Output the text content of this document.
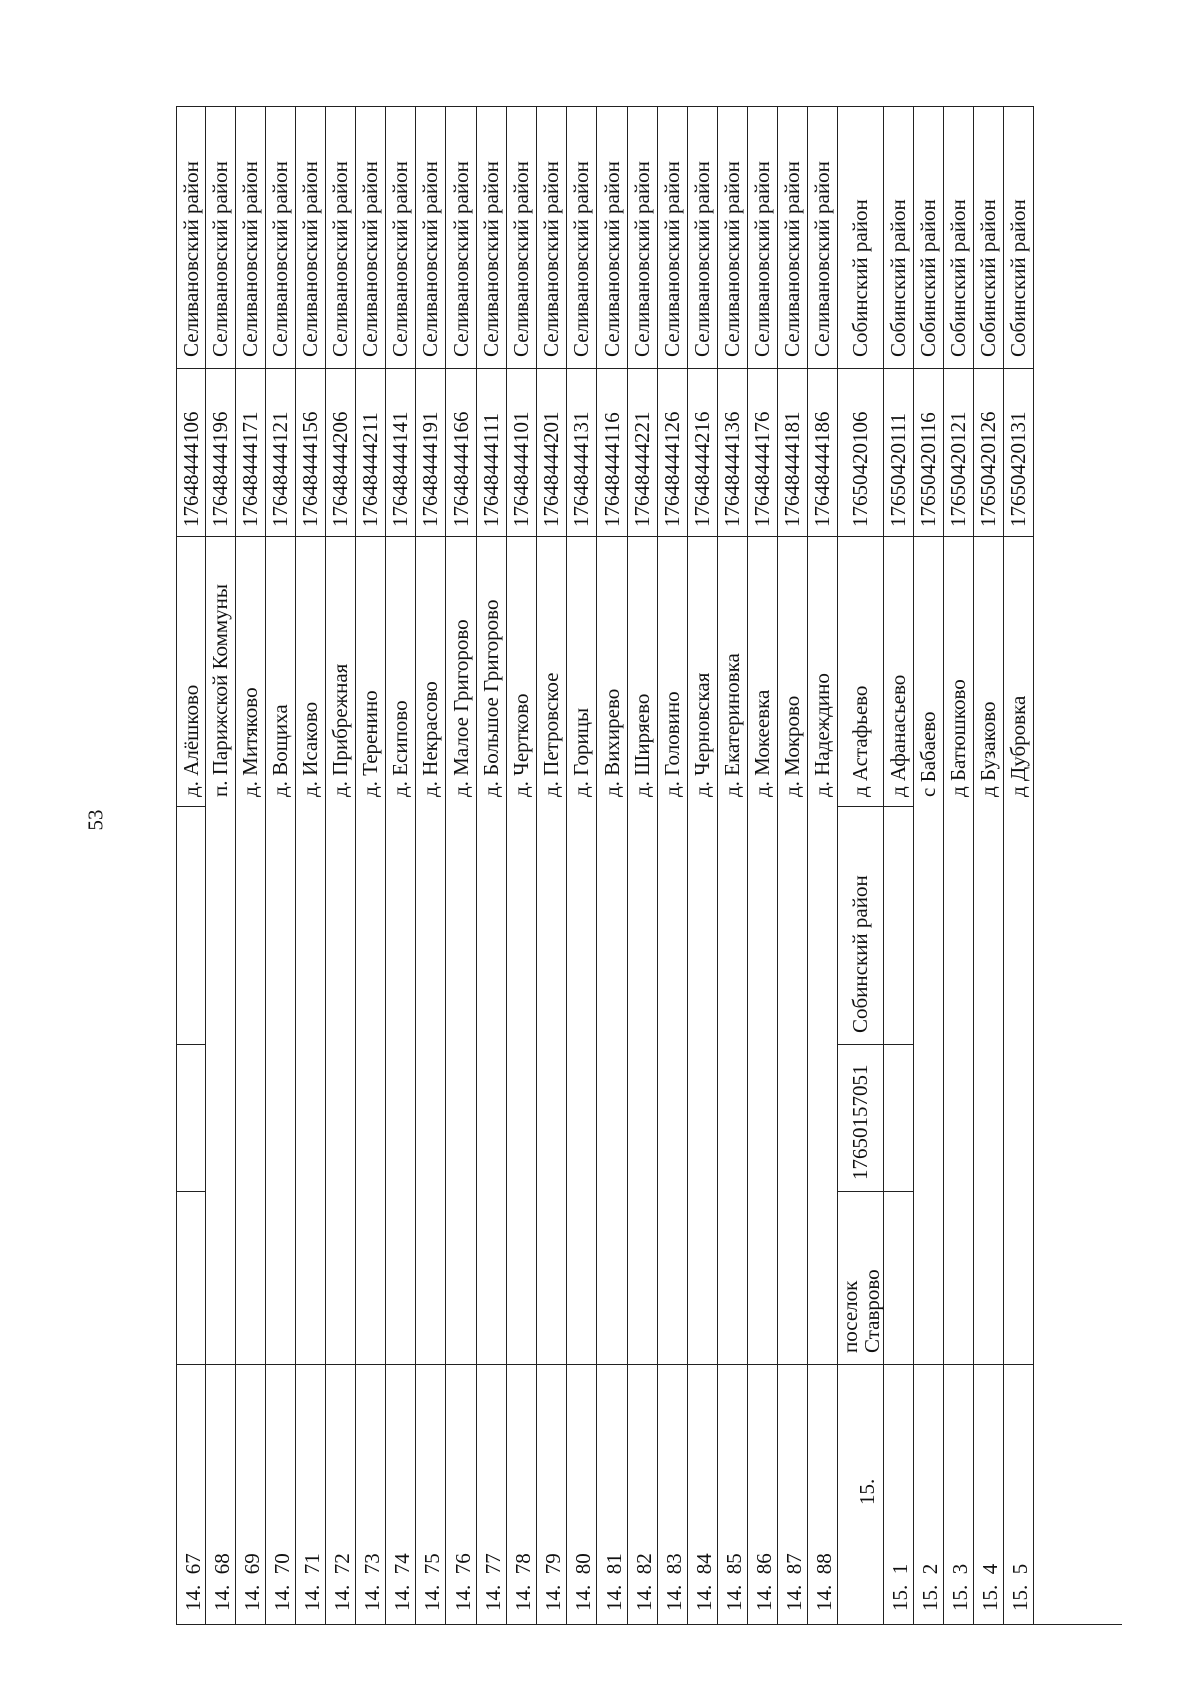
53
Селивановский район
17648444106
д. Алёшково
14.  67
Селивановский район
17648444196
п. Парижской Коммуны
14.  68
Селивановский район
17648444171
д. Митяково
14.  69
Селивановский район
17648444121
д. Вощиха
14.  70
Селивановский район
17648444156
д. Исаково
14.  71
Селивановский район
17648444206
д. Прибрежная
14.  72
Селивановский район
17648444211
д. Теренино
14.  73
Селивановский район
17648444141
д. Есипово
14.  74
Селивановский район
17648444191
д. Некрасово
14.  75
Селивановский район
17648444166
д. Малое Григорово
14.  76
Селивановский район
17648444111
д. Большое Григорово
14.  77
Селивановский район
17648444101
д. Чертково
14.  78
Селивановский район
17648444201
д. Петровское
14.  79
Селивановский район
17648444131
д. Горицы
14.  80
Селивановский район
17648444116
д. Вихирево
14.  81
Селивановский район
17648444221
д. Ширяево
14.  82
Селивановский район
17648444126
д. Головино
14.  83
Селивановский район
17648444216
д. Черновская
14.  84
Селивановский район
17648444136
д. Екатериновка
14.  85
Селивановский район
17648444176
д. Мокеевка
14.  86
Селивановский район
17648444181
д. Мокрово
14.  87
Селивановский район
17648444186
д. Надеждино
14.  88
Собинский район
17650420106
д Астафьево
Собинский район
17650157051
поселок
Ставрово
15.
Собинский район
17650420111
д Афанасьево
15.  1
Собинский район
17650420116
с Бабаево
15.  2
Собинский район
17650420121
д Батюшково
15.  3
Собинский район
17650420126
д Бузаково
15.  4
Собинский район
17650420131
д Дубровка
15.  5
